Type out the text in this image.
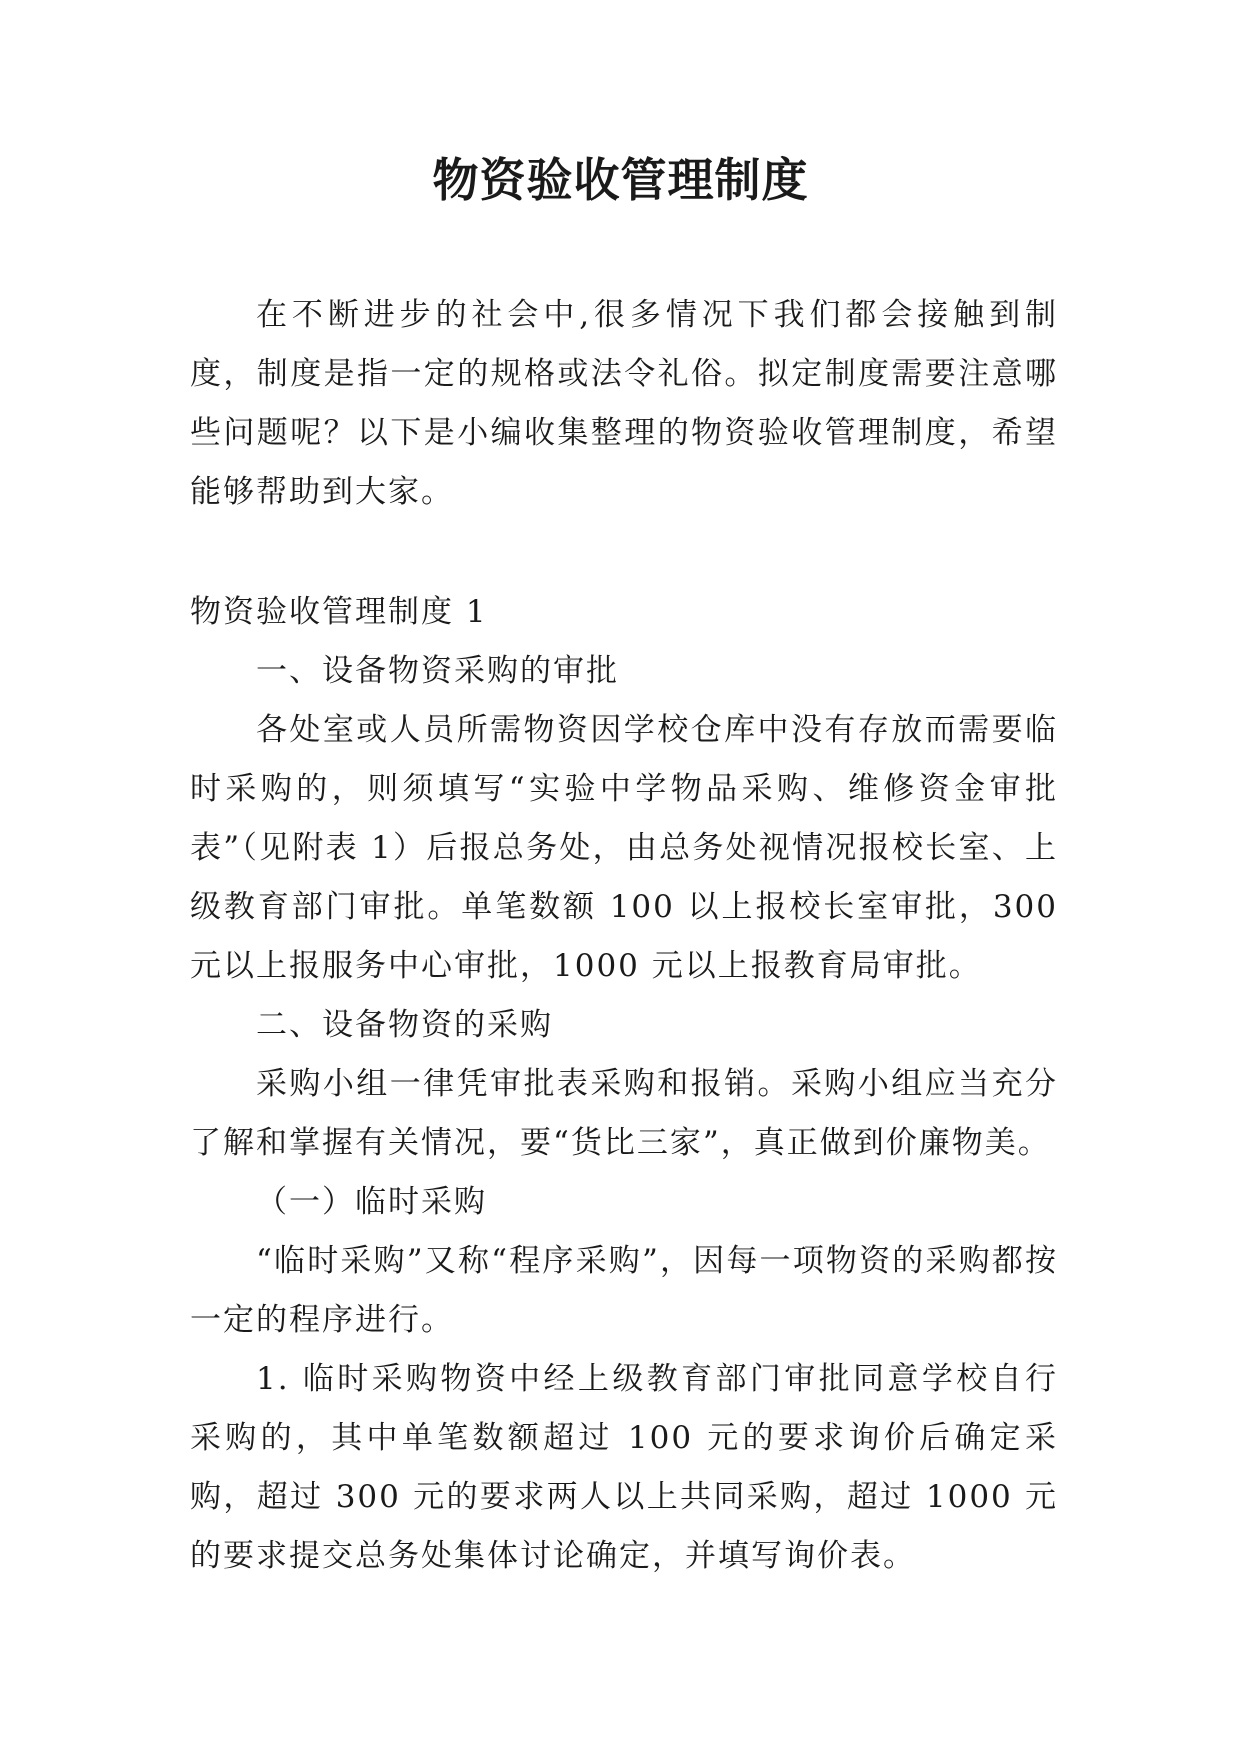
物资验收管理制度

在不断进步的社会中,很多情况下我们都会接触到制度，制度是指一定的规格或法令礼俗。拟定制度需要注意哪些问题呢？以下是小编收集整理的物资验收管理制度，希望能够帮助到大家。

物资验收管理制度 1

一、设备物资采购的审批

各处室或人员所需物资因学校仓库中没有存放而需要临时采购的，则须填写“实验中学物品采购、维修资金审批表”（见附表 1）后报总务处，由总务处视情况报校长室、上级教育部门审批。单笔数额 100 以上报校长室审批，300 元以上报服务中心审批，1000 元以上报教育局审批。

二、设备物资的采购

采购小组一律凭审批表采购和报销。采购小组应当充分了解和掌握有关情况，要“货比三家”，真正做到价廉物美。

（一）临时采购

“临时采购”又称“程序采购”，因每一项物资的采购都按一定的程序进行。

1. 临时采购物资中经上级教育部门审批同意学校自行采购的，其中单笔数额超过 100 元的要求询价后确定采购，超过 300 元的要求两人以上共同采购，超过 1000 元的要求提交总务处集体讨论确定，并填写询价表。
